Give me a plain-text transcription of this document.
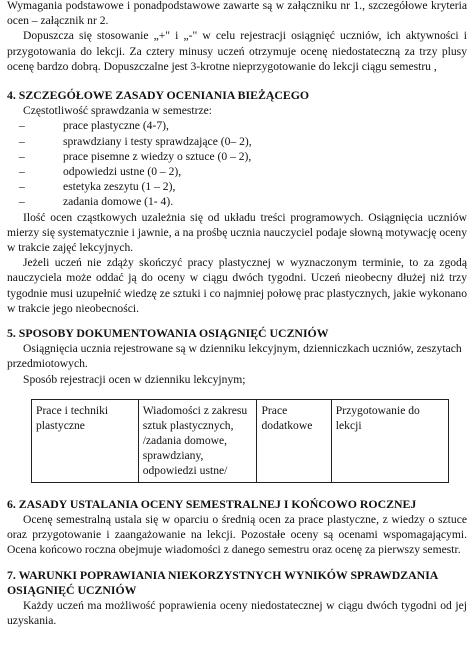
Wymagania podstawowe i ponadpodstawowe zawarte są w załączniku nr 1., szczegółowe kryteria ocen – załącznik nr 2.

Dopuszcza się stosowanie „+" i „-" w celu rejestracji osiągnięć uczniów, ich aktywności i przygotowania do lekcji. Za cztery minusy uczeń otrzymuje ocenę niedostateczną za trzy plusy ocenę bardzo dobrą. Dopuszczalne jest 3-krotne nieprzygotowanie do lekcji ciągu semestru ,

4. SZCZEGÓŁOWE ZASADY OCENIANIA BIEŻĄCEGO

Częstotliwość sprawdzania w semestrze:

– prace plastyczne (4-7),
– sprawdziany i testy sprawdzające (0– 2),
– prace pisemne z wiedzy o sztuce (0 – 2),
– odpowiedzi ustne (0 – 2),
– estetyka zeszytu (1 – 2),
– zadania domowe (1- 4).

Ilość ocen cząstkowych uzależnia się od układu treści programowych. Osiągnięcia uczniów mierzy się systematycznie i jawnie, a na prośbę ucznia nauczyciel podaje słowną motywację oceny w trakcie zajęć lekcyjnych.

Jeżeli uczeń nie zdąży skończyć pracy plastycznej w wyznaczonym terminie, to za zgodą nauczyciela może oddać ją do oceny w ciągu dwóch tygodni. Uczeń nieobecny dłużej niż trzy tygodnie musi uzupełnić wiedzę ze sztuki i co najmniej połowę prac plastycznych, jakie wykonano w trakcie jego nieobecności.

5. SPOSOBY DOKUMENTOWANIA OSIĄGNIĘĆ UCZNIÓW

Osiągnięcia ucznia rejestrowane są w dzienniku lekcyjnym, dzienniczkach uczniów, zeszytach przedmiotowych.

Sposób rejestracji ocen w dzienniku lekcyjnym;

Prace i techniki plastyczne	Wiadomości z zakresu sztuk plastycznych, /zadania domowe, sprawdziany, odpowiedzi ustne/	Prace dodatkowe	Przygotowanie do lekcji
6. ZASADY USTALANIA OCENY SEMESTRALNEJ I KOŃCOWO ROCZNEJ

Ocenę semestralną ustala się w oparciu o średnią ocen za prace plastyczne, z wiedzy o sztuce oraz przygotowanie i zaangażowanie na lekcji. Pozostałe oceny są ocenami wspomagającymi. Ocena końcowo roczna obejmuje wiadomości z danego semestru oraz ocenę za pierwszy semestr.

7. WARUNKI POPRAWIANIA NIEKORZYSTNYCH WYNIKÓW SPRAWDZANIA OSIĄGNIĘĆ UCZNIÓW

Każdy uczeń ma możliwość poprawienia oceny niedostatecznej w ciągu dwóch tygodni od jej uzyskania.
